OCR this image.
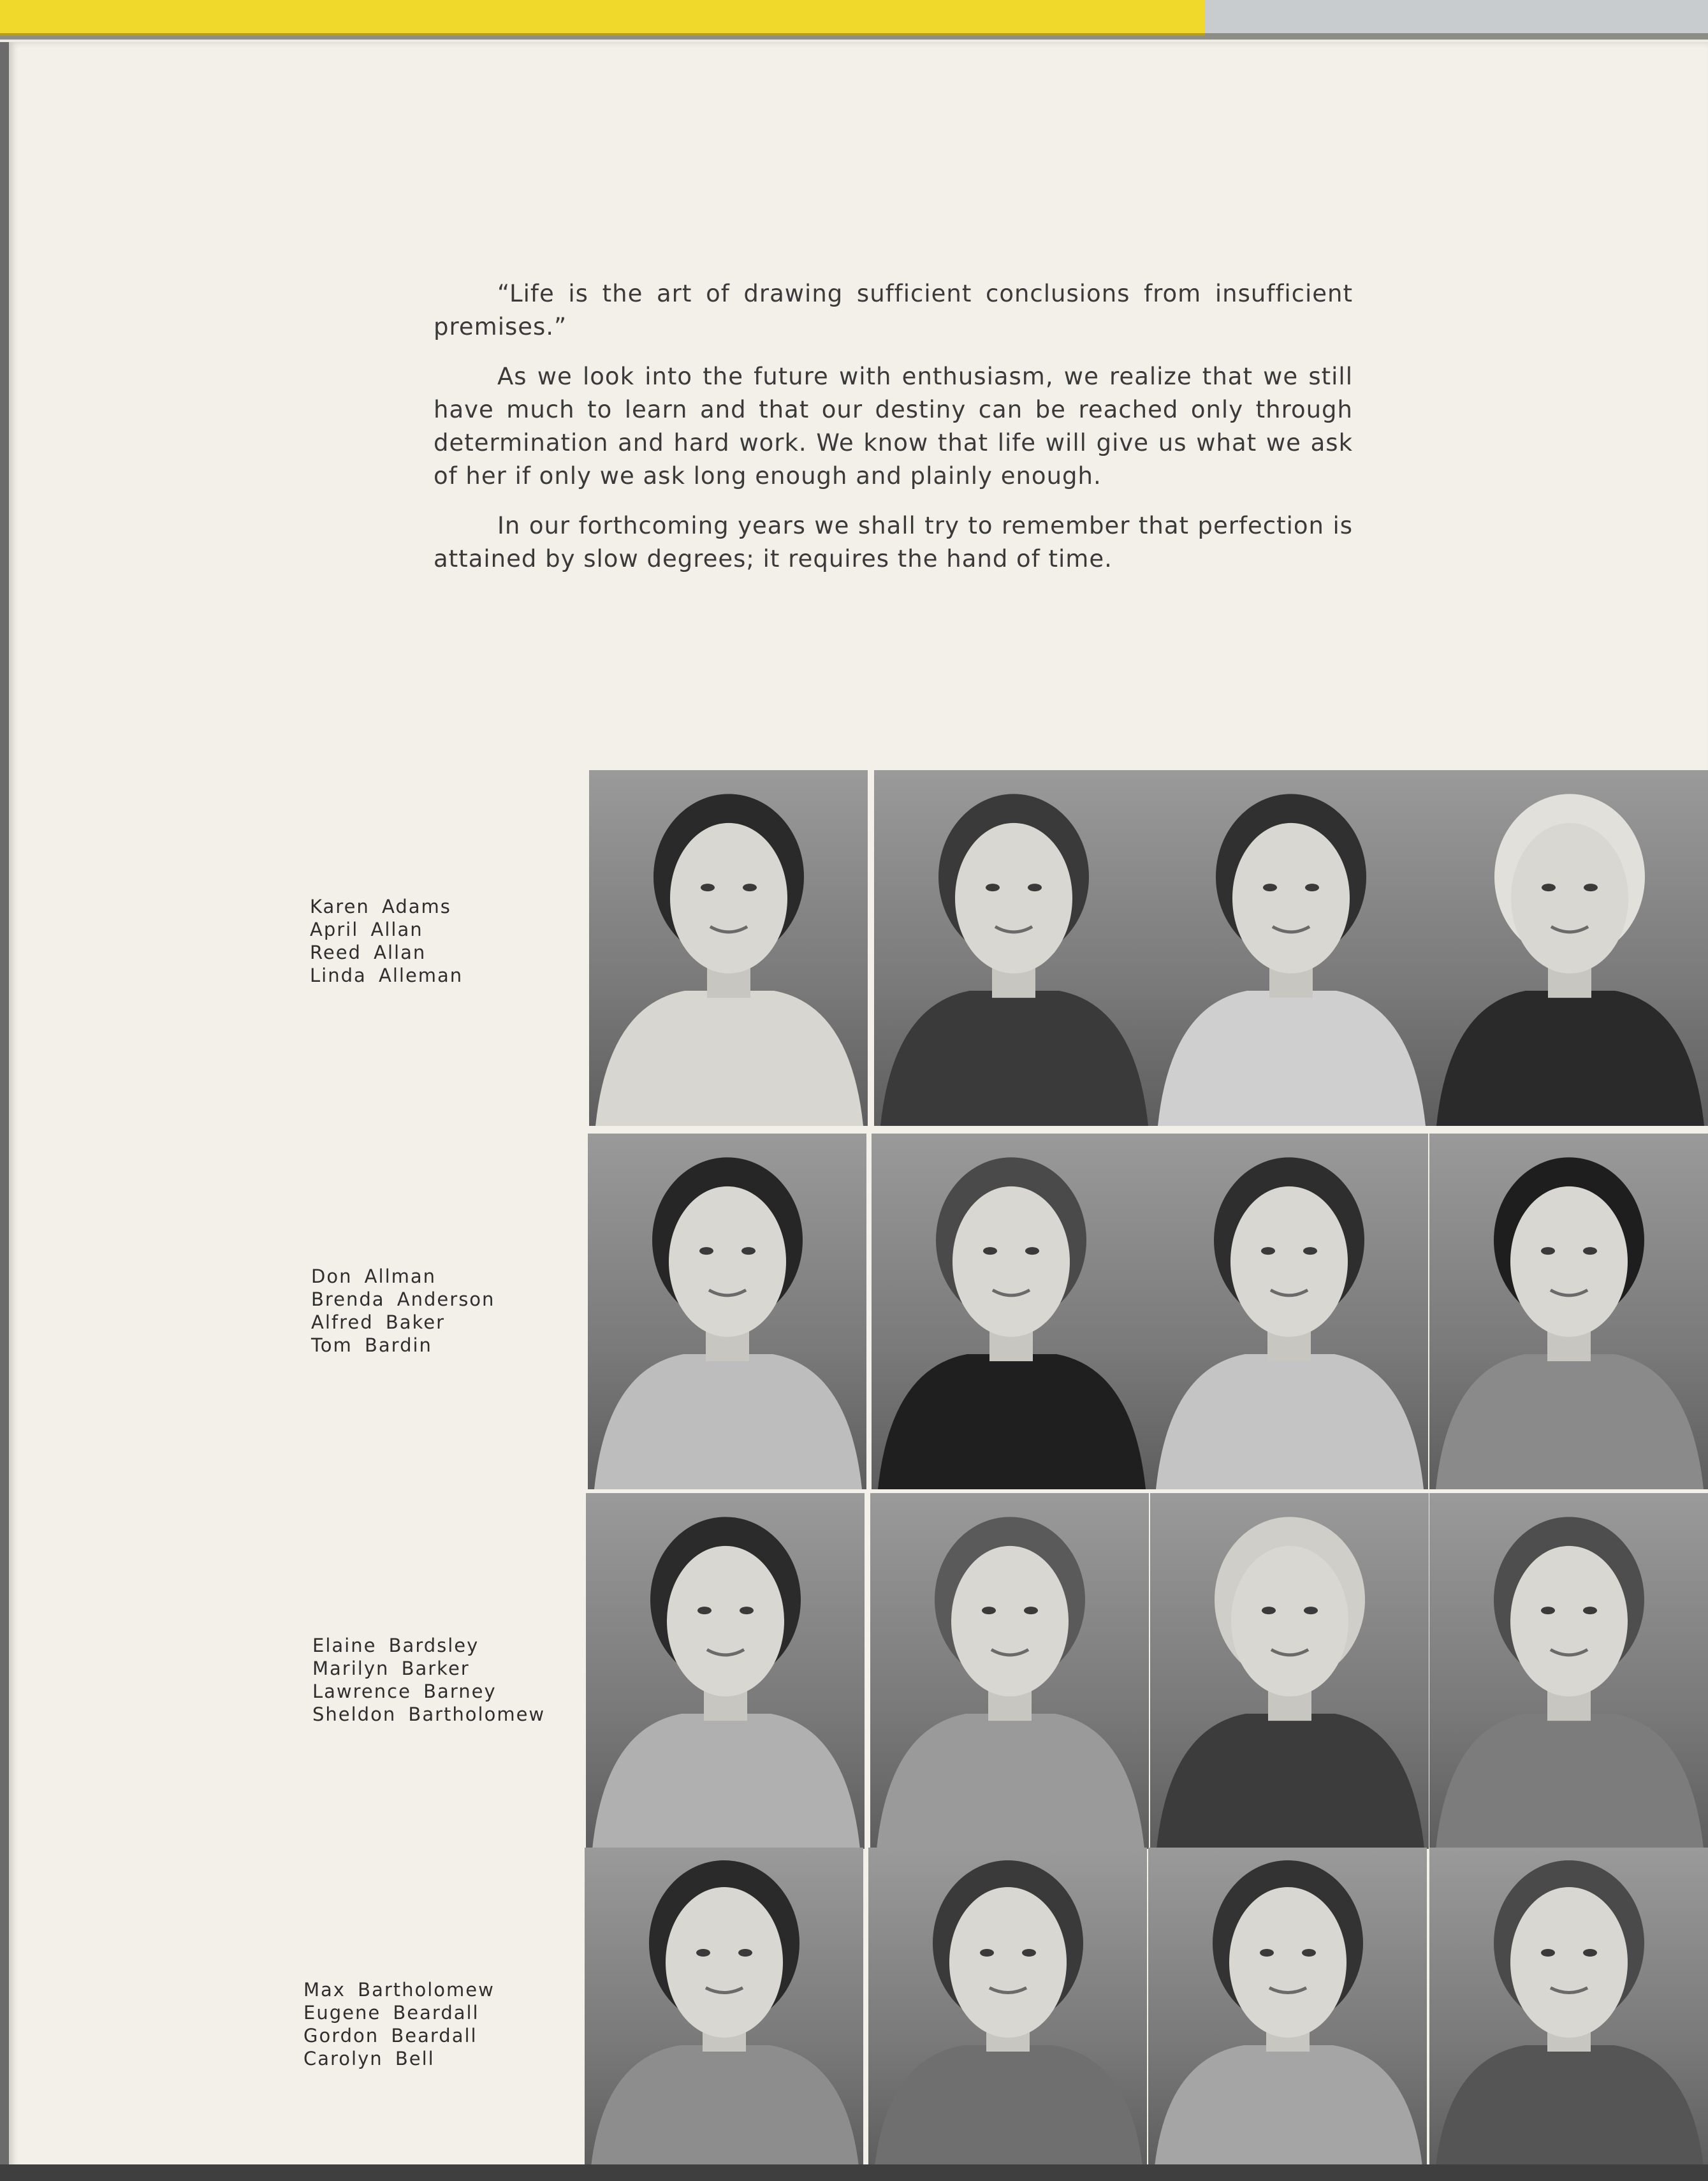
“Life is the art of drawing sufficient conclusions from insufficient premises.”

As we look into the future with enthusiasm, we realize that we still have much to learn and that our destiny can be reached only through determination and hard work. We know that life will give us what we ask of her if only we ask long enough and plainly enough.

In our forthcoming years we shall try to remember that perfection is attained by slow degrees; it requires the hand of time.

Karen Adams
April Allan
Reed Allan
Linda Alleman
Don Allman
Brenda Anderson
Alfred Baker
Tom Bardin
Elaine Bardsley
Marilyn Barker
Lawrence Barney
Sheldon Bartholomew
Max Bartholomew
Eugene Beardall
Gordon Beardall
Carolyn Bell
